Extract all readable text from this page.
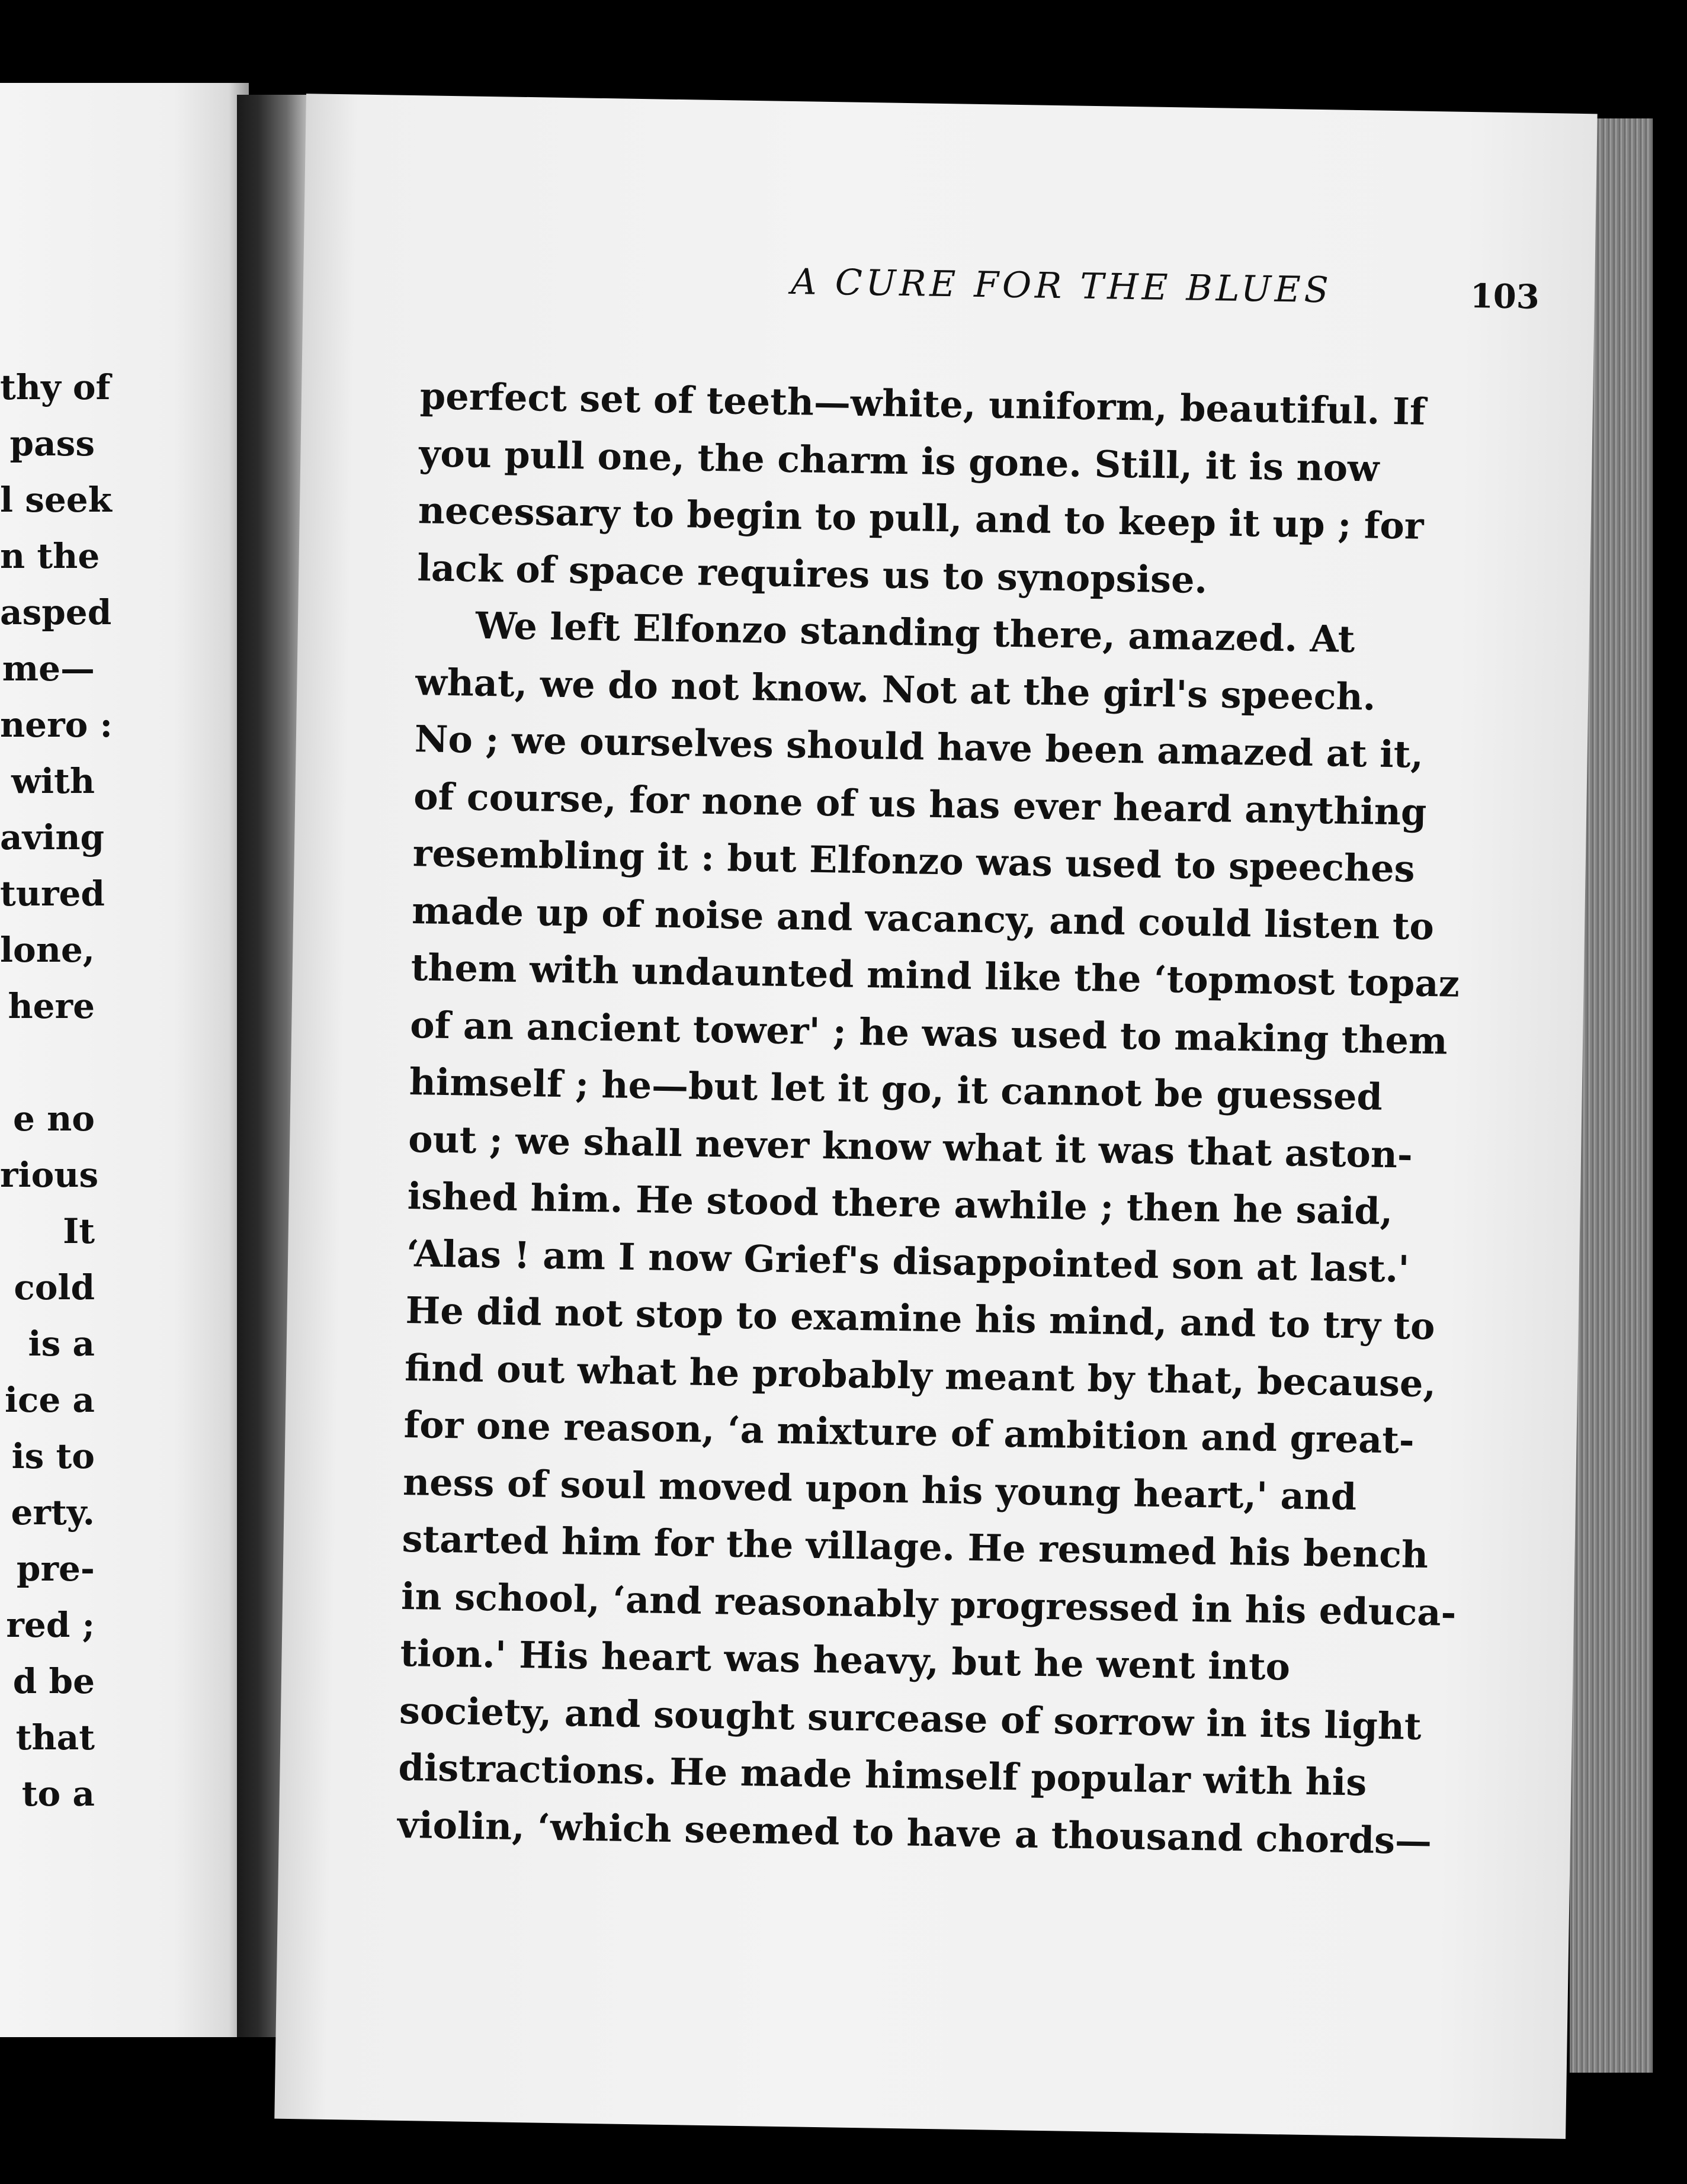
thy of
pass
l seek
n the
asped
me—
nero :
with
aving
tured
lone,
here
e no
rious
It
cold
is a
ice a
is to
erty.
pre-
red ;
d be
that
to a
A CURE FOR THE BLUES	103
perfect set of teeth—white, uniform, beautiful. If
you pull one, the charm is gone. Still, it is now
necessary to begin to pull, and to keep it up ; for
lack of space requires us to synopsise.
We left Elfonzo standing there, amazed. At
what, we do not know. Not at the girl's speech.
No ; we ourselves should have been amazed at it,
of course, for none of us has ever heard anything
resembling it : but Elfonzo was used to speeches
made up of noise and vacancy, and could listen to
them with undaunted mind like the ‘topmost topaz
of an ancient tower' ; he was used to making them
himself ; he—but let it go, it cannot be guessed
out ; we shall never know what it was that aston-
ished him. He stood there awhile ; then he said,
‘Alas ! am I now Grief's disappointed son at last.'
He did not stop to examine his mind, and to try to
find out what he probably meant by that, because,
for one reason, ‘a mixture of ambition and great-
ness of soul moved upon his young heart,' and
started him for the village. He resumed his bench
in school, ‘and reasonably progressed in his educa-
tion.' His heart was heavy, but he went into
society, and sought surcease of sorrow in its light
distractions. He made himself popular with his
violin, ‘which seemed to have a thousand chords—
